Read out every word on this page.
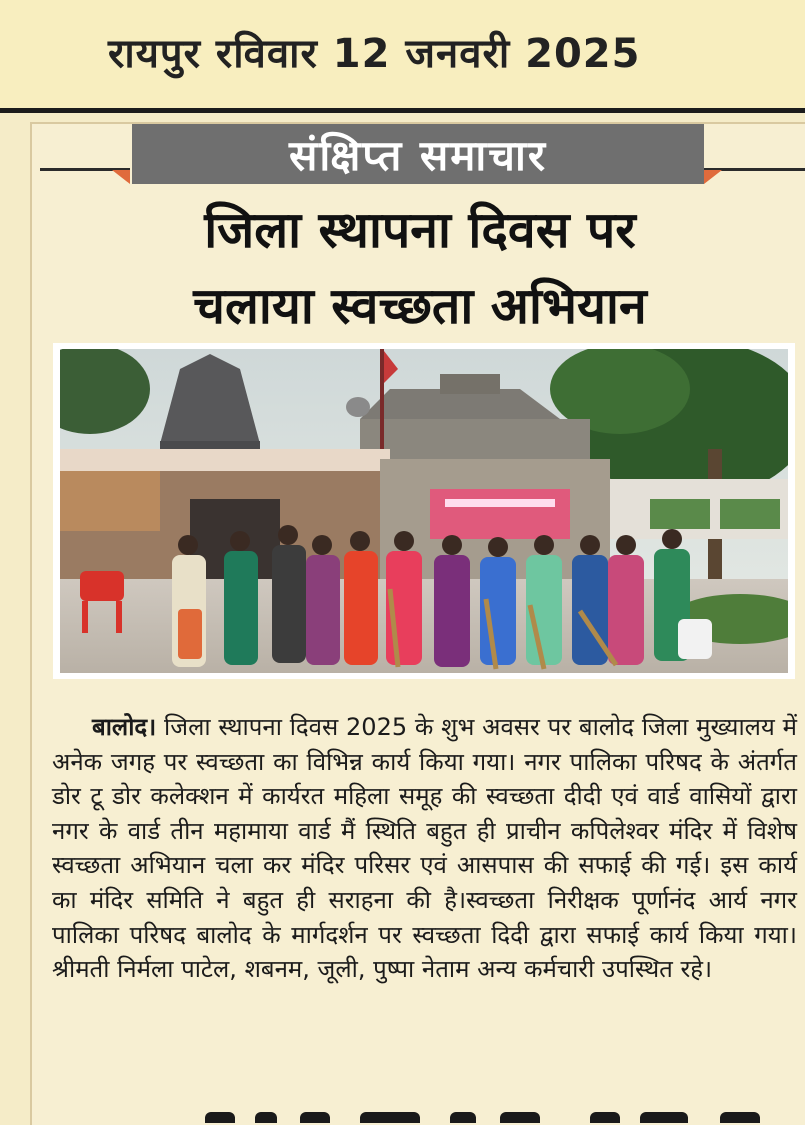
रायपुर रविवार 12 जनवरी 2025
संक्षिप्त समाचार
जिला स्थापना दिवस पर
चलाया स्वच्छता अभियान

बालोद। जिला स्थापना दिवस 2025 के शुभ अवसर पर बालोद जिला मुख्यालय में अनेक जगह पर स्वच्छता का विभिन्न कार्य किया गया। नगर पालिका परिषद के अंतर्गत डोर टू डोर कलेक्शन में कार्यरत महिला समूह की स्वच्छता दीदी एवं वार्ड वासियों द्वारा नगर के वार्ड तीन महामाया वार्ड मैं स्थिति बहुत ही प्राचीन कपिलेश्वर मंदिर में विशेष स्वच्छता अभियान चला कर मंदिर परिसर एवं आसपास की सफाई की गई। इस कार्य का मंदिर समिति ने बहुत ही सराहना की है।स्वच्छता निरीक्षक पूर्णानंद आर्य नगर पालिका परिषद बालोद के मार्गदर्शन पर स्वच्छता दिदी द्वारा सफाई कार्य किया गया। श्रीमती निर्मला पाटेल, शबनम, जूली, पुष्पा नेताम अन्य कर्मचारी उपस्थित रहे।
